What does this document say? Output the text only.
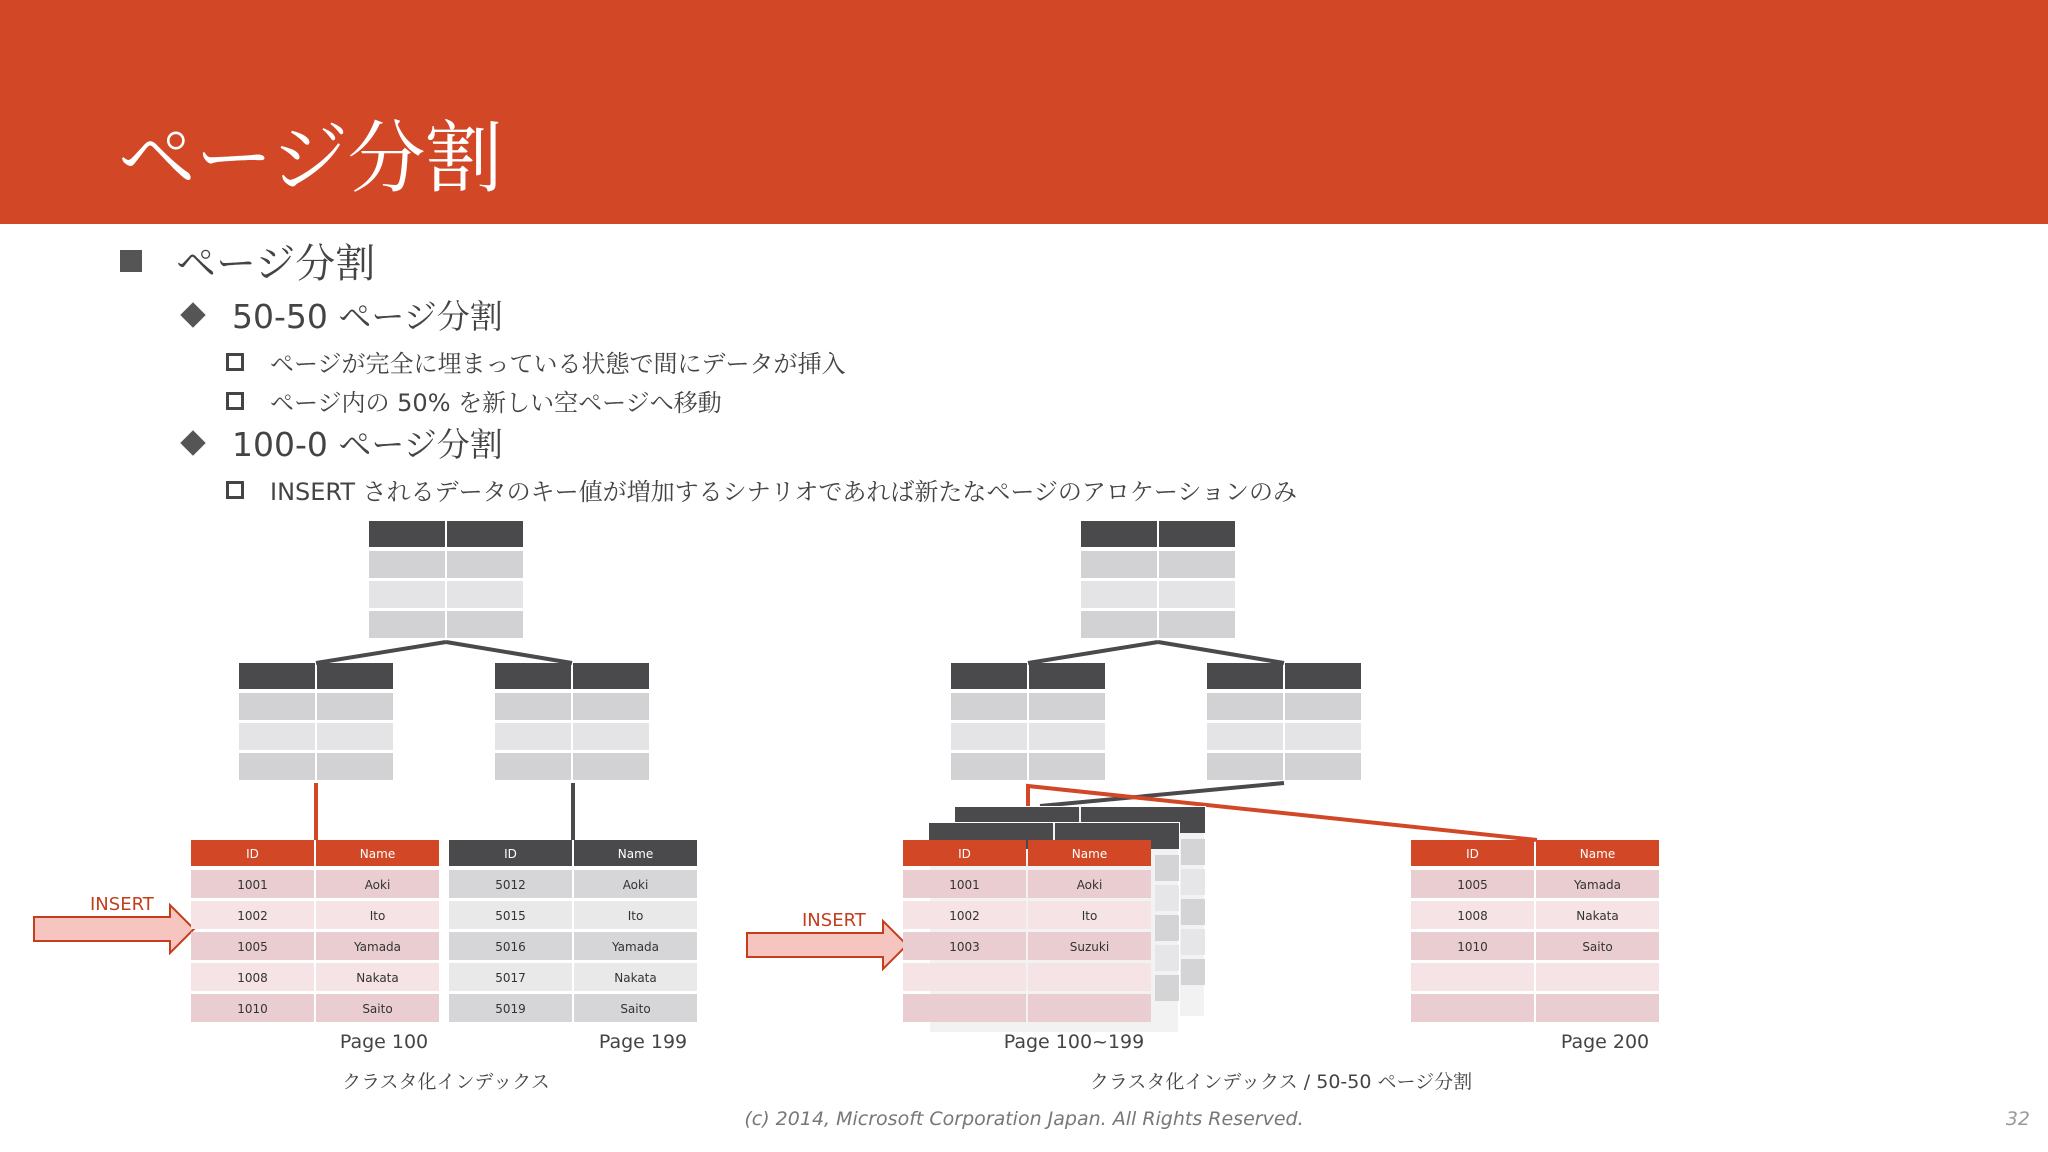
ページ分割
ページ分割
50-50 ページ分割
ページが完全に埋まっている状態で間にデータが挿入
ページ内の 50% を新しい空ページへ移動
100-0 ページ分割
INSERT されるデータのキー値が増加するシナリオであれば新たなページのアロケーションのみ
ID	Name
1001	Aoki
1002	Ito
1005	Yamada
1008	Nakata
1010	Saito
ID	Name
5012	Aoki
5015	Ito
5016	Yamada
5017	Nakata
5019	Saito
ID	Name
1001	Aoki
1002	Ito
1003	Suzuki
ID	Name
1005	Yamada
1008	Nakata
1010	Saito
Page 100	Page 199	Page 100~199	Page 200
クラスタ化インデックス	クラスタ化インデックス / 50-50 ページ分割
INSERT
INSERT
(c) 2014, Microsoft Corporation Japan. All Rights Reserved.	32
